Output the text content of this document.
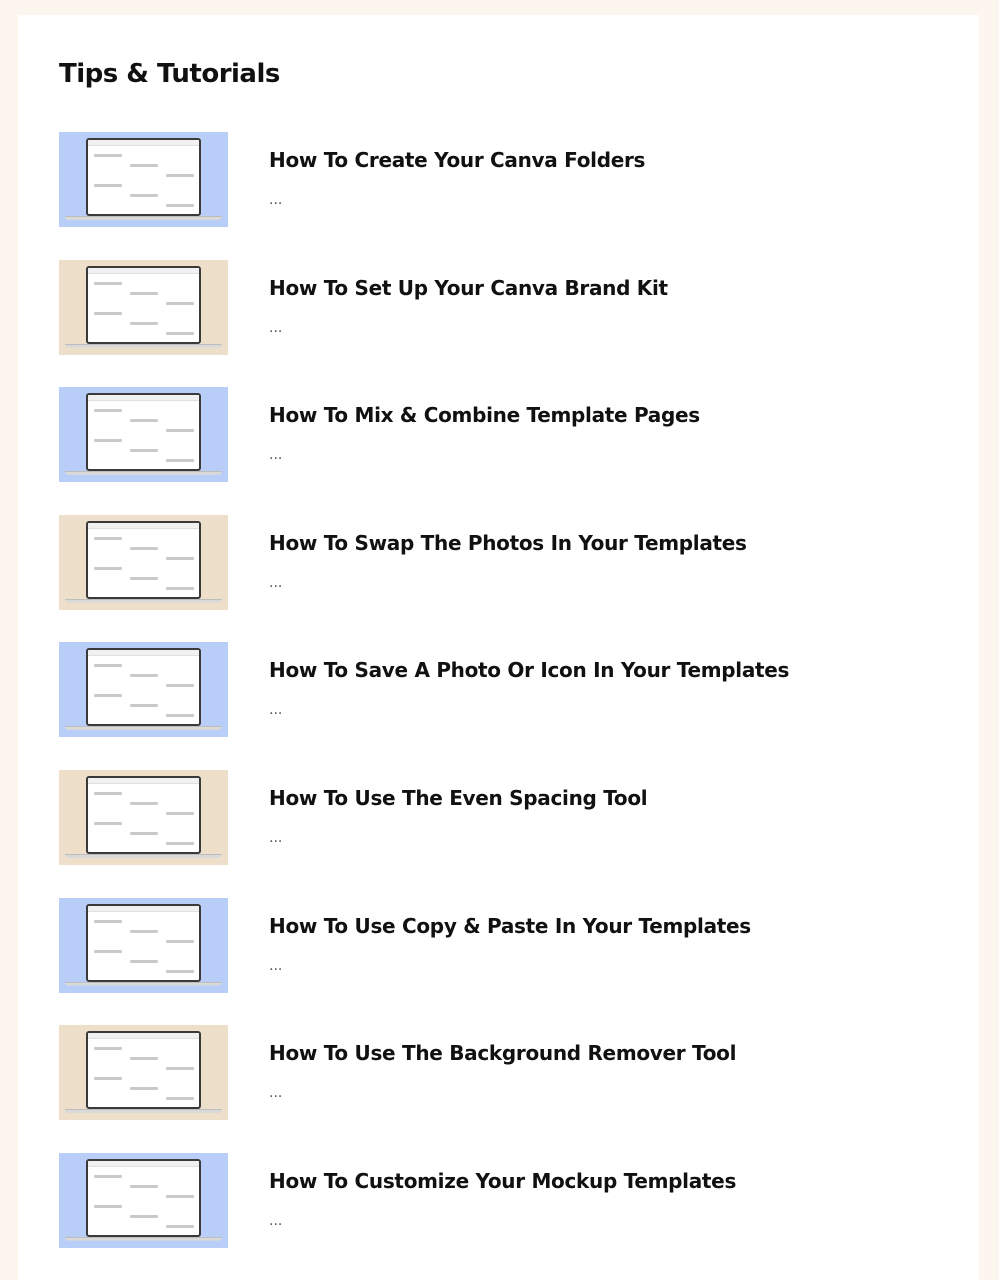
Tips & Tutorials
How To Create Your Canva Folders
...
How To Set Up Your Canva Brand Kit
...
How To Mix & Combine Template Pages
...
How To Swap The Photos In Your Templates
...
How To Save A Photo Or Icon In Your Templates
...
How To Use The Even Spacing Tool
...
How To Use Copy & Paste In Your Templates
...
How To Use The Background Remover Tool
...
How To Customize Your Mockup Templates
...
